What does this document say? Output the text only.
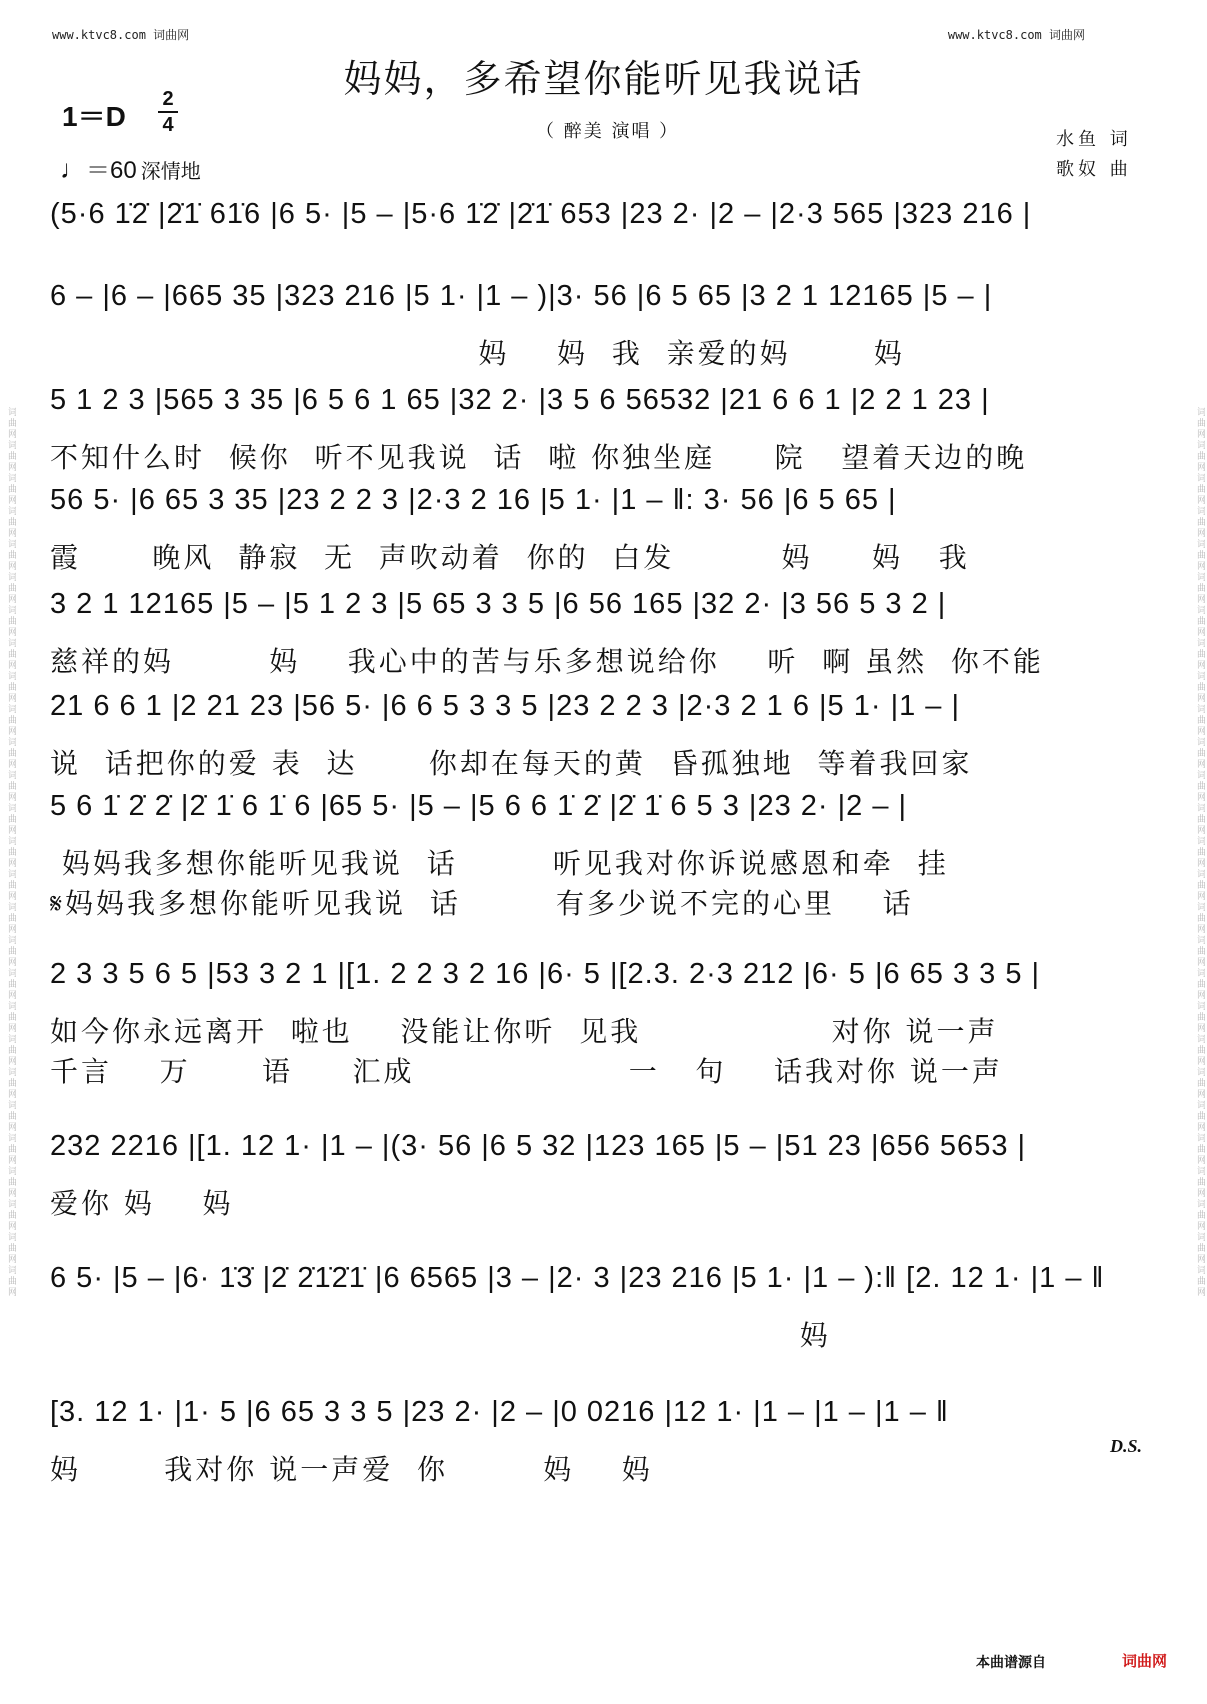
词曲网词曲网词曲网词曲网词曲网词曲网词曲网词曲网词曲网词曲网词曲网词曲网词曲网词曲网词曲网词曲网词曲网词曲网词曲网词曲网词曲网词曲网词曲网词曲网词曲网词曲网词曲网	词曲网词曲网词曲网词曲网词曲网词曲网词曲网词曲网词曲网词曲网词曲网词曲网词曲网词曲网词曲网词曲网词曲网词曲网词曲网词曲网词曲网词曲网词曲网词曲网词曲网词曲网词曲网
www.ktvc8.com 词曲网	www.ktvc8.com 词曲网
妈妈，多希望你能听见我说话
（ 醉美 演唱 ）
1＝D
2
4
♩＝60 深情地
水鱼 词
歌奴 曲
(5·6 1̇2̇ |2̇1̇ 61̇6 |6 5· |5 – |5·6 1̇2̇ |2̇1̇ 653 |23 2· |2 – |2·3 565 |323 216 |
6 – |6 – |665 35 |323 216 |5 1· |1 – )|3· 56 |6 5 65 |3 2 1 12165 |5 – |
妈    妈  我  亲爱的妈       妈
5 1 2 3 |565 3 35 |6 5 6 1 65 |32 2· |3 5 6 56532 |21 6 6 1 |2 2 1 23 |
不知什么时  候你  听不见我说  话  啦 你独坐庭     院   望着天边的晚
56 5· |6 65 3 35 |23 2 2 3 |2·3 2 16 |5 1· |1 – ‖: 3· 56 |6 5 65 |
霞      晚风  静寂  无  声吹动着  你的  白发         妈     妈   我
3 2 1 12165 |5 – |5 1 2 3 |5 65 3 3 5 |6 56 165 |32 2· |3 56 5 3 2 |
慈祥的妈        妈    我心中的苦与乐多想说给你    听  啊 虽然  你不能
21 6 6 1 |2 21 23 |56 5· |6 6 5 3 3 5 |23 2 2 3 |2·3 2 1 6 |5 1· |1 – |
说  话把你的爱 表  达      你却在每天的黄  昏孤独地  等着我回家
5 6 1̇ 2̇ 2̇ |2̇ 1̇ 6 1̇ 6 |65 5· |5 – |5 6 6 1̇ 2̇ |2̇ 1̇ 6 5 3 |23 2· |2 – |
妈妈我多想你能听见我说  话        听见我对你诉说感恩和牵  挂
𝄋妈妈我多想你能听见我说  话        有多少说不完的心里    话
2 3 3 5 6 5 |53 3 2 1 |[1. 2 2 3 2 16 |6· 5 |[2.3. 2·3 212 |6· 5 |6 65 3 3 5 |
如今你永远离开  啦也    没能让你听  见我                对你 说一声
千言    万      语     汇成                  一   句    话我对你 说一声
232 2216 |[1. 12 1· |1 – |(3· 56 |6 5 32 |123 165 |5 – |51 23 |656 5653 |
爱你 妈    妈
6 5· |5 – |6· 1̇3̇ |2̇ 2̇1̇2̇1̇ |6 6565 |3 – |2· 3 |23 216 |5 1· |1 – ):‖ [2. 12 1· |1 – ‖
妈
[3. 12 1· |1· 5 |6 65 3 3 5 |23 2· |2 – |0 0216 |12 1· |1 – |1 – |1 – ‖
妈       我对你 说一声爱  你        妈    妈
D.S.
本曲谱源自	词曲网
